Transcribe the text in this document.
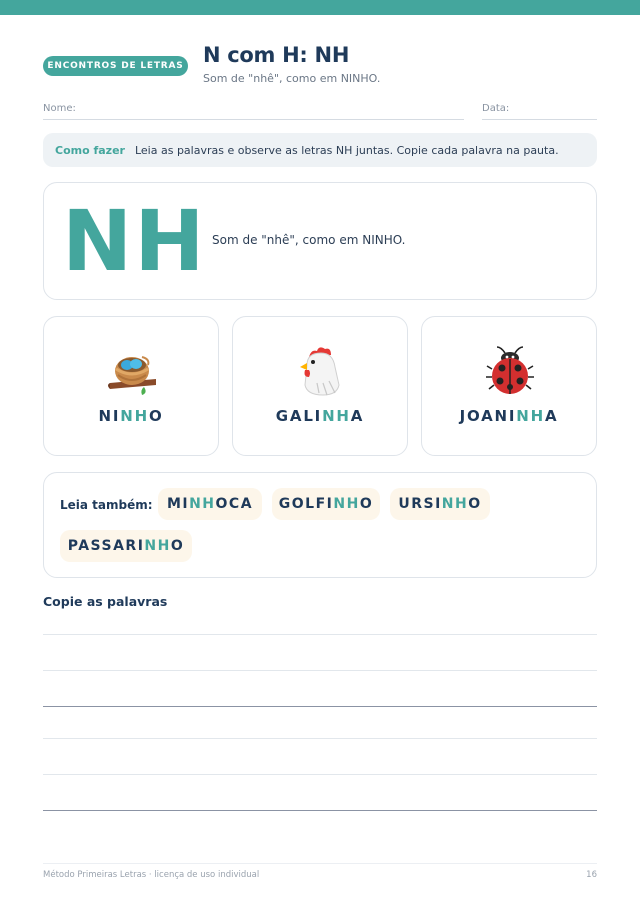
ENCONTROS DE LETRAS N com H: NH
Som de "nhê", como em NINHO.
Nome:	Data:
Como fazer Leia as palavras e observe as letras NH juntas. Copie cada palavra na pauta.
NH Som de "nhê", como em NINHO.
NINHO	GALINHA	JOANINHA
Leia também: MI NH OCA GOLFI NH O URSI NH O
PASSARI NH O
Copie as palavras
Método Primeiras Letras · licença de uso individual	16
